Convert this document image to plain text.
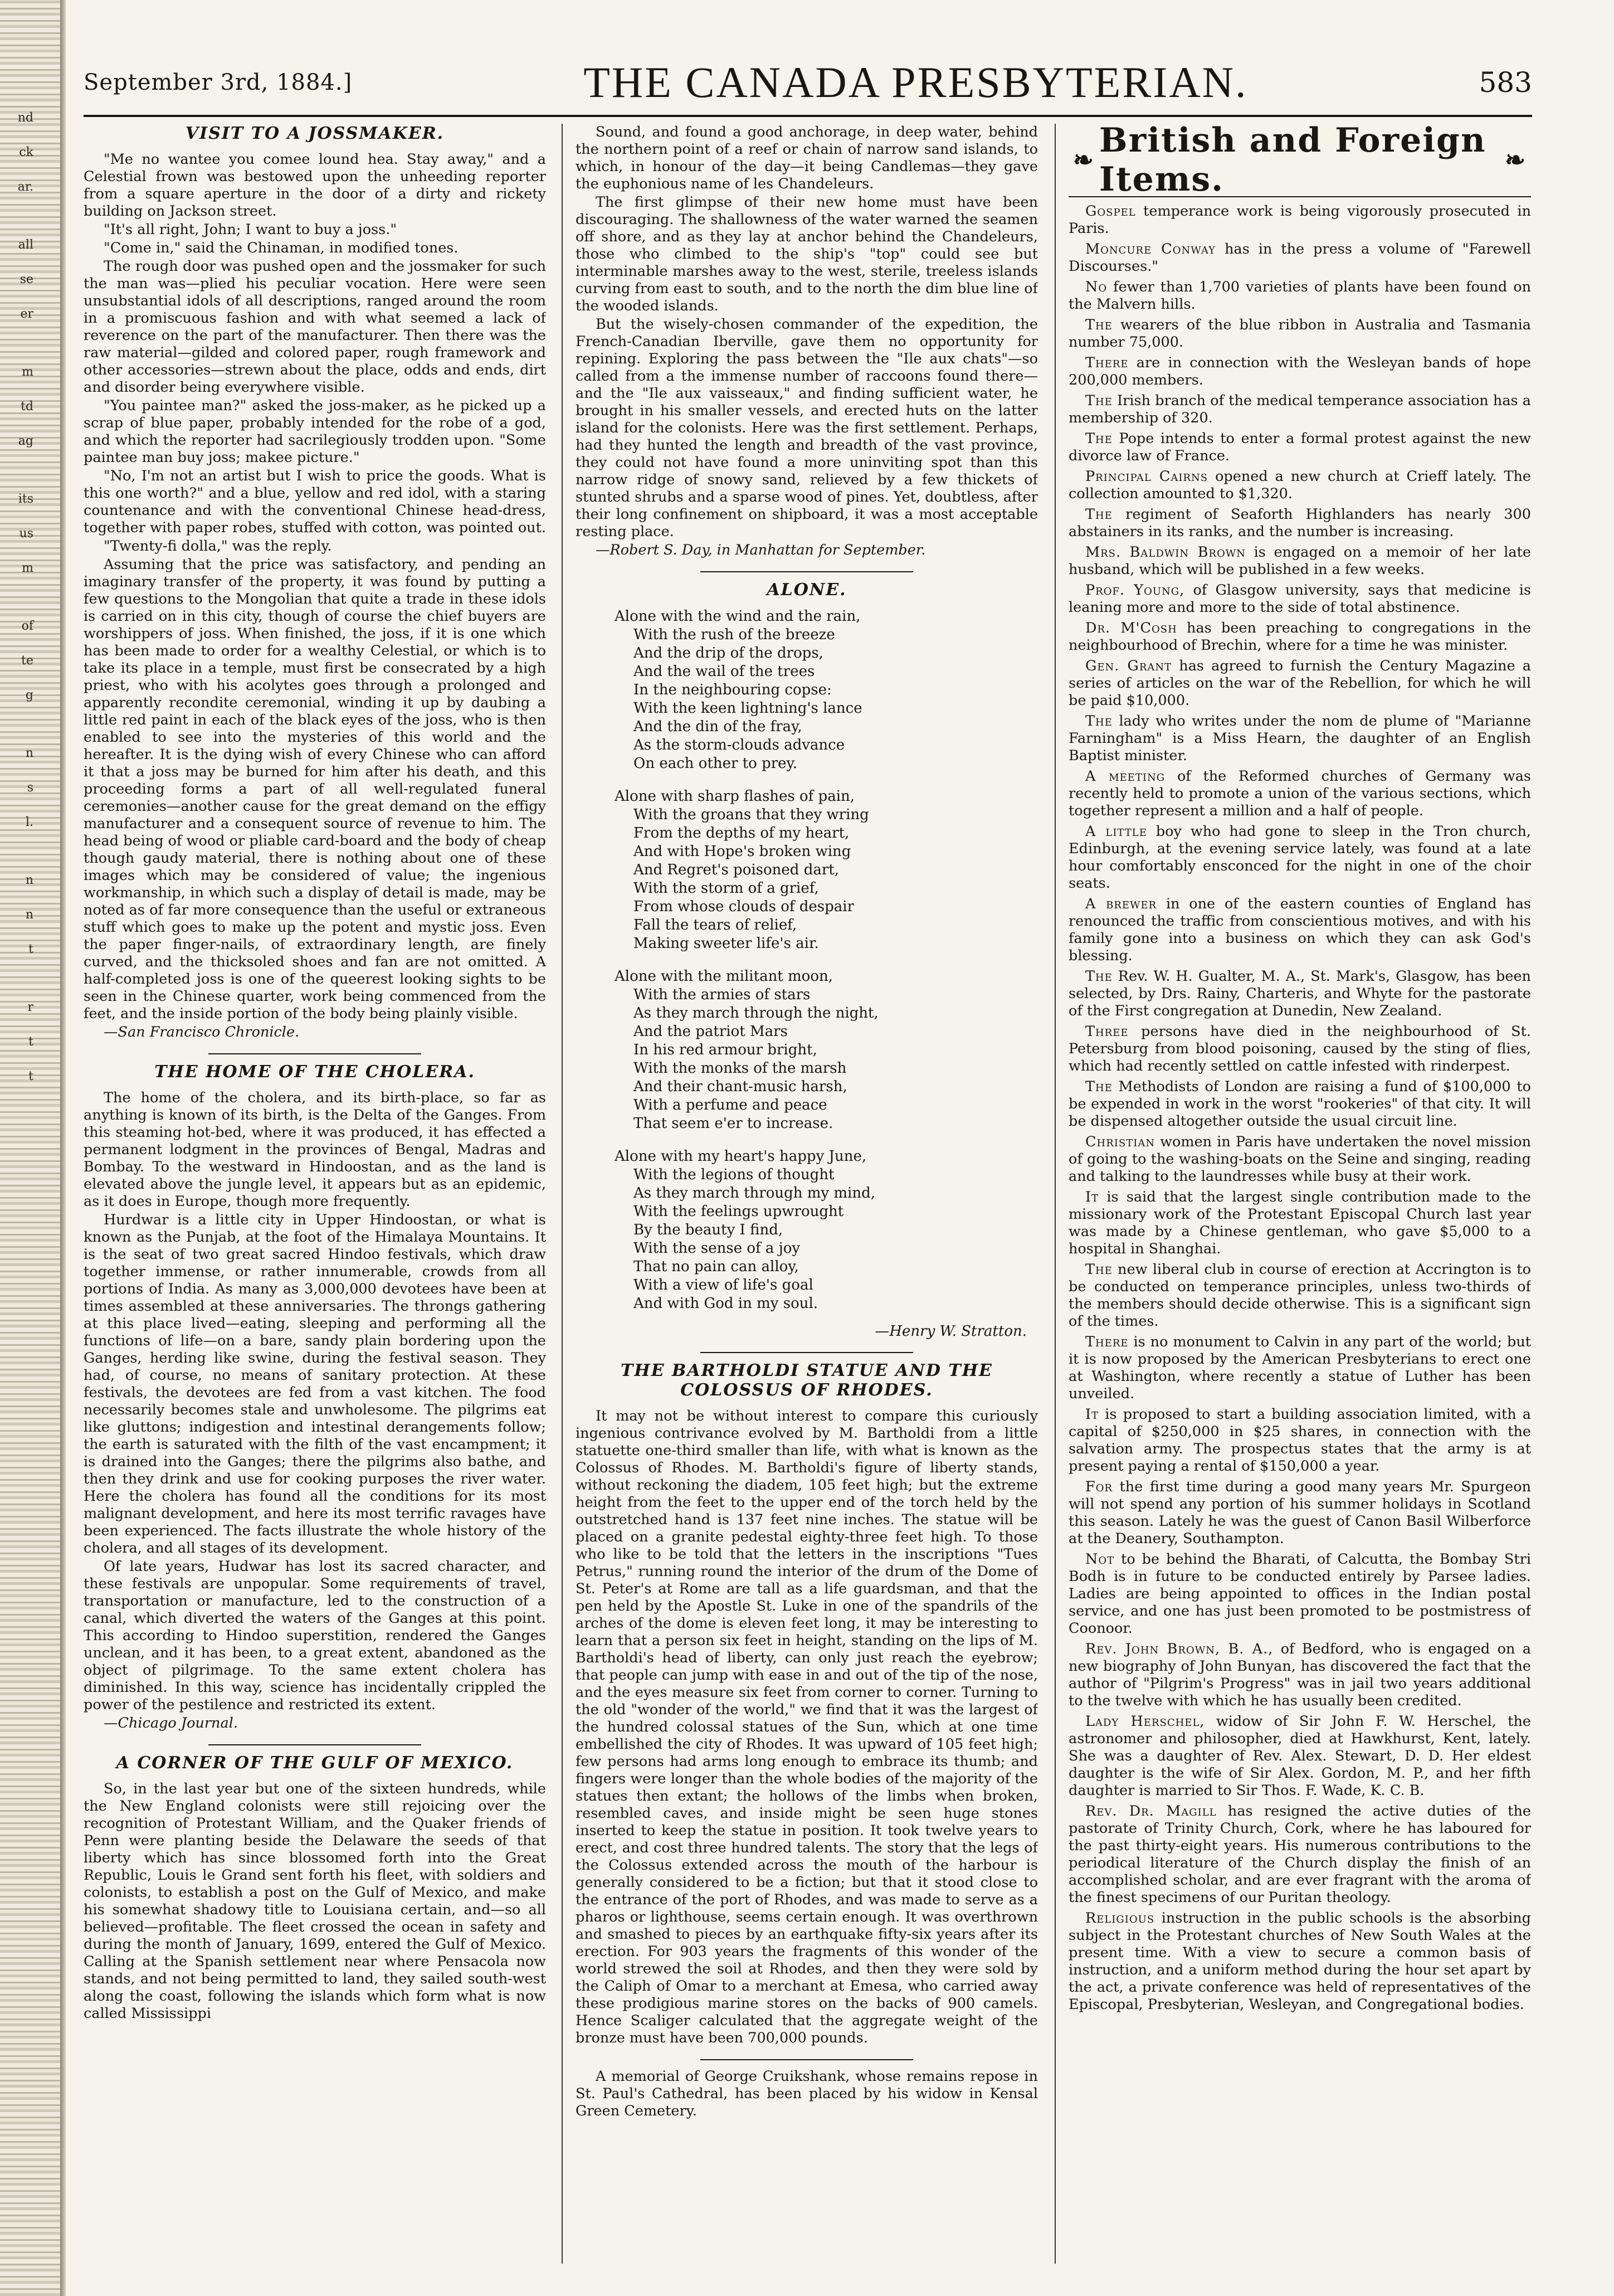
nd
ck
ar.
all
se
er
m
td
ag
its
us
m
of
te
g
n
s
l.
n
n
t
r
t
t
September 3rd, 1884.]	THE CANADA PRESBYTERIAN.	583
VISIT TO A JOSSMAKER.

"Me no wantee you comee lound hea. Stay away," and a Celestial frown was bestowed upon the unheeding reporter from a square aperture in the door of a dirty and rickety building on Jackson street.

"It's all right, John; I want to buy a joss."

"Come in," said the Chinaman, in modified tones.

The rough door was pushed open and the jossmaker for such the man was—plied his peculiar vocation. Here were seen unsubstantial idols of all descriptions, ranged around the room in a promiscuous fashion and with what seemed a lack of reverence on the part of the manufacturer. Then there was the raw material—gilded and colored paper, rough framework and other accessories—strewn about the place, odds and ends, dirt and disorder being everywhere visible.

"You paintee man?" asked the joss-maker, as he picked up a scrap of blue paper, probably intended for the robe of a god, and which the reporter had sacrilegiously trodden upon. "Some paintee man buy joss; makee picture."

"No, I'm not an artist but I wish to price the goods. What is this one worth?" and a blue, yellow and red idol, with a staring countenance and with the conventional Chinese head-dress, together with paper robes, stuffed with cotton, was pointed out.

"Twenty-fi dolla," was the reply.

Assuming that the price was satisfactory, and pending an imaginary transfer of the property, it was found by putting a few questions to the Mongolian that quite a trade in these idols is carried on in this city, though of course the chief buyers are worshippers of joss. When finished, the joss, if it is one which has been made to order for a wealthy Celestial, or which is to take its place in a temple, must first be consecrated by a high priest, who with his acolytes goes through a prolonged and apparently recondite ceremonial, winding it up by daubing a little red paint in each of the black eyes of the joss, who is then enabled to see into the mysteries of this world and the hereafter. It is the dying wish of every Chinese who can afford it that a joss may be burned for him after his death, and this proceeding forms a part of all well-regulated funeral ceremonies—another cause for the great demand on the effigy manufacturer and a consequent source of revenue to him. The head being of wood or pliable card-board and the body of cheap though gaudy material, there is nothing about one of these images which may be considered of value; the ingenious workmanship, in which such a display of detail is made, may be noted as of far more consequence than the useful or extraneous stuff which goes to make up the potent and mystic joss. Even the paper finger-nails, of extraordinary length, are finely curved, and the thicksoled shoes and fan are not omitted. A half-completed joss is one of the queerest looking sights to be seen in the Chinese quarter, work being commenced from the feet, and the inside portion of the body being plainly visible.

—San Francisco Chronicle.

THE HOME OF THE CHOLERA.

The home of the cholera, and its birth-place, so far as anything is known of its birth, is the Delta of the Ganges. From this steaming hot-bed, where it was produced, it has effected a permanent lodgment in the provinces of Bengal, Madras and Bombay. To the westward in Hindoostan, and as the land is elevated above the jungle level, it appears but as an epidemic, as it does in Europe, though more frequently.

Hurdwar is a little city in Upper Hindoostan, or what is known as the Punjab, at the foot of the Himalaya Mountains. It is the seat of two great sacred Hindoo festivals, which draw together immense, or rather innumerable, crowds from all portions of India. As many as 3,000,000 devotees have been at times assembled at these anniversaries. The throngs gathering at this place lived—eating, sleeping and performing all the functions of life—on a bare, sandy plain bordering upon the Ganges, herding like swine, during the festival season. They had, of course, no means of sanitary protection. At these festivals, the devotees are fed from a vast kitchen. The food necessarily becomes stale and unwholesome. The pilgrims eat like gluttons; indigestion and intestinal derangements follow; the earth is saturated with the filth of the vast encampment; it is drained into the Ganges; there the pilgrims also bathe, and then they drink and use for cooking purposes the river water. Here the cholera has found all the conditions for its most malignant development, and here its most terrific ravages have been experienced. The facts illustrate the whole history of the cholera, and all stages of its development.

Of late years, Hudwar has lost its sacred character, and these festivals are unpopular. Some requirements of travel, transportation or manufacture, led to the construction of a canal, which diverted the waters of the Ganges at this point. This according to Hindoo superstition, rendered the Ganges unclean, and it has been, to a great extent, abandoned as the object of pilgrimage. To the same extent cholera has diminished. In this way, science has incidentally crippled the power of the pestilence and restricted its extent.

—Chicago Journal.

A CORNER OF THE GULF OF MEXICO.

So, in the last year but one of the sixteen hundreds, while the New England colonists were still rejoicing over the recognition of Protestant William, and the Quaker friends of Penn were planting beside the Delaware the seeds of that liberty which has since blossomed forth into the Great Republic, Louis le Grand sent forth his fleet, with soldiers and colonists, to establish a post on the Gulf of Mexico, and make his somewhat shadowy title to Louisiana certain, and—so all believed—profitable. The fleet crossed the ocean in safety and during the month of January, 1699, entered the Gulf of Mexico. Calling at the Spanish settlement near where Pensacola now stands, and not being permitted to land, they sailed south-west along the coast, following the islands which form what is now called Mississippi

Sound, and found a good anchorage, in deep water, behind the northern point of a reef or chain of narrow sand islands, to which, in honour of the day—it being Candlemas—they gave the euphonious name of les Chandeleurs.

The first glimpse of their new home must have been discouraging. The shallowness of the water warned the seamen off shore, and as they lay at anchor behind the Chandeleurs, those who climbed to the ship's "top" could see but interminable marshes away to the west, sterile, treeless islands curving from east to south, and to the north the dim blue line of the wooded islands.

But the wisely-chosen commander of the expedition, the French-Canadian Iberville, gave them no opportunity for repining. Exploring the pass between the "Ile aux chats"—so called from a the immense number of raccoons found there—and the "Ile aux vaisseaux," and finding sufficient water, he brought in his smaller vessels, and erected huts on the latter island for the colonists. Here was the first settlement. Perhaps, had they hunted the length and breadth of the vast province, they could not have found a more uninviting spot than this narrow ridge of snowy sand, relieved by a few thickets of stunted shrubs and a sparse wood of pines. Yet, doubtless, after their long confinement on shipboard, it was a most acceptable resting place.

—Robert S. Day, in Manhattan for September.

ALONE.
Alone with the wind and the rain,
With the rush of the breeze
And the drip of the drops,
And the wail of the trees
In the neighbouring copse:
With the keen lightning's lance
And the din of the fray,
As the storm-clouds advance
On each other to prey.
Alone with sharp flashes of pain,
With the groans that they wring
From the depths of my heart,
And with Hope's broken wing
And Regret's poisoned dart,
With the storm of a grief,
From whose clouds of despair
Fall the tears of relief,
Making sweeter life's air.
Alone with the militant moon,
With the armies of stars
As they march through the night,
And the patriot Mars
In his red armour bright,
With the monks of the marsh
And their chant-music harsh,
With a perfume and peace
That seem e'er to increase.
Alone with my heart's happy June,
With the legions of thought
As they march through my mind,
With the feelings upwrought
By the beauty I find,
With the sense of a joy
That no pain can alloy,
With a view of life's goal
And with God in my soul.
—Henry W. Stratton.
THE BARTHOLDI STATUE AND THE COLOSSUS OF RHODES.

It may not be without interest to compare this curiously ingenious contrivance evolved by M. Bartholdi from a little statuette one-third smaller than life, with what is known as the Colossus of Rhodes. M. Bartholdi's figure of liberty stands, without reckoning the diadem, 105 feet high; but the extreme height from the feet to the upper end of the torch held by the outstretched hand is 137 feet nine inches. The statue will be placed on a granite pedestal eighty-three feet high. To those who like to be told that the letters in the inscriptions "Tues Petrus," running round the interior of the drum of the Dome of St. Peter's at Rome are tall as a life guardsman, and that the pen held by the Apostle St. Luke in one of the spandrils of the arches of the dome is eleven feet long, it may be interesting to learn that a person six feet in height, standing on the lips of M. Bartholdi's head of liberty, can only just reach the eyebrow; that people can jump with ease in and out of the tip of the nose, and the eyes measure six feet from corner to corner. Turning to the old "wonder of the world," we find that it was the largest of the hundred colossal statues of the Sun, which at one time embellished the city of Rhodes. It was upward of 105 feet high; few persons had arms long enough to embrace its thumb; and fingers were longer than the whole bodies of the majority of the statues then extant; the hollows of the limbs when broken, resembled caves, and inside might be seen huge stones inserted to keep the statue in position. It took twelve years to erect, and cost three hundred talents. The story that the legs of the Colossus extended across the mouth of the harbour is generally considered to be a fiction; but that it stood close to the entrance of the port of Rhodes, and was made to serve as a pharos or lighthouse, seems certain enough. It was overthrown and smashed to pieces by an earthquake fifty-six years after its erection. For 903 years the fragments of this wonder of the world strewed the soil at Rhodes, and then they were sold by the Caliph of Omar to a merchant at Emesa, who carried away these prodigious marine stores on the backs of 900 camels. Hence Scaliger calculated that the aggregate weight of the bronze must have been 700,000 pounds.

A memorial of George Cruikshank, whose remains repose in St. Paul's Cathedral, has been placed by his widow in Kensal Green Cemetery.

❧ British and Foreign Items.	❧

Gospel temperance work is being vigorously prosecuted in Paris.

Moncure Conway has in the press a volume of "Farewell Discourses."

No fewer than 1,700 varieties of plants have been found on the Malvern hills.

The wearers of the blue ribbon in Australia and Tasmania number 75,000.

There are in connection with the Wesleyan bands of hope 200,000 members.

The Irish branch of the medical temperance association has a membership of 320.

The Pope intends to enter a formal protest against the new divorce law of France.

Principal Cairns opened a new church at Crieff lately. The collection amounted to $1,320.

The regiment of Seaforth Highlanders has nearly 300 abstainers in its ranks, and the number is increasing.

Mrs. Baldwin Brown is engaged on a memoir of her late husband, which will be published in a few weeks.

Prof. Young, of Glasgow university, says that medicine is leaning more and more to the side of total abstinence.

Dr. M'Cosh has been preaching to congregations in the neighbourhood of Brechin, where for a time he was minister.

Gen. Grant has agreed to furnish the Century Magazine a series of articles on the war of the Rebellion, for which he will be paid $10,000.

The lady who writes under the nom de plume of "Marianne Farningham" is a Miss Hearn, the daughter of an English Baptist minister.

A meeting of the Reformed churches of Germany was recently held to promote a union of the various sections, which together represent a million and a half of people.

A little boy who had gone to sleep in the Tron church, Edinburgh, at the evening service lately, was found at a late hour comfortably ensconced for the night in one of the choir seats.

A brewer in one of the eastern counties of England has renounced the traffic from conscientious motives, and with his family gone into a business on which they can ask God's blessing.

The Rev. W. H. Gualter, M. A., St. Mark's, Glasgow, has been selected, by Drs. Rainy, Charteris, and Whyte for the pastorate of the First congregation at Dunedin, New Zealand.

Three persons have died in the neighbourhood of St. Petersburg from blood poisoning, caused by the sting of flies, which had recently settled on cattle infested with rinderpest.

The Methodists of London are raising a fund of $100,000 to be expended in work in the worst "rookeries" of that city. It will be dispensed altogether outside the usual circuit line.

Christian women in Paris have undertaken the novel mission of going to the washing-boats on the Seine and singing, reading and talking to the laundresses while busy at their work.

It is said that the largest single contribution made to the missionary work of the Protestant Episcopal Church last year was made by a Chinese gentleman, who gave $5,000 to a hospital in Shanghai.

The new liberal club in course of erection at Accrington is to be conducted on temperance principles, unless two-thirds of the members should decide otherwise. This is a significant sign of the times.

There is no monument to Calvin in any part of the world; but it is now proposed by the American Presbyterians to erect one at Washington, where recently a statue of Luther has been unveiled.

It is proposed to start a building association limited, with a capital of $250,000 in $25 shares, in connection with the salvation army. The prospectus states that the army is at present paying a rental of $150,000 a year.

For the first time during a good many years Mr. Spurgeon will not spend any portion of his summer holidays in Scotland this season. Lately he was the guest of Canon Basil Wilberforce at the Deanery, Southampton.

Not to be behind the Bharati, of Calcutta, the Bombay Stri Bodh is in future to be conducted entirely by Parsee ladies. Ladies are being appointed to offices in the Indian postal service, and one has just been promoted to be postmistress of Coonoor.

Rev. John Brown, B. A., of Bedford, who is engaged on a new biography of John Bunyan, has discovered the fact that the author of "Pilgrim's Progress" was in jail two years additional to the twelve with which he has usually been credited.

Lady Herschel, widow of Sir John F. W. Herschel, the astronomer and philosopher, died at Hawkhurst, Kent, lately. She was a daughter of Rev. Alex. Stewart, D. D. Her eldest daughter is the wife of Sir Alex. Gordon, M. P., and her fifth daughter is married to Sir Thos. F. Wade, K. C. B.

Rev. Dr. Magill has resigned the active duties of the pastorate of Trinity Church, Cork, where he has laboured for the past thirty-eight years. His numerous contributions to the periodical literature of the Church display the finish of an accomplished scholar, and are ever fragrant with the aroma of the finest specimens of our Puritan theology.

Religious instruction in the public schools is the absorbing subject in the Protestant churches of New South Wales at the present time. With a view to secure a common basis of instruction, and a uniform method during the hour set apart by the act, a private conference was held of representatives of the Episcopal, Presbyterian, Wesleyan, and Congregational bodies.
